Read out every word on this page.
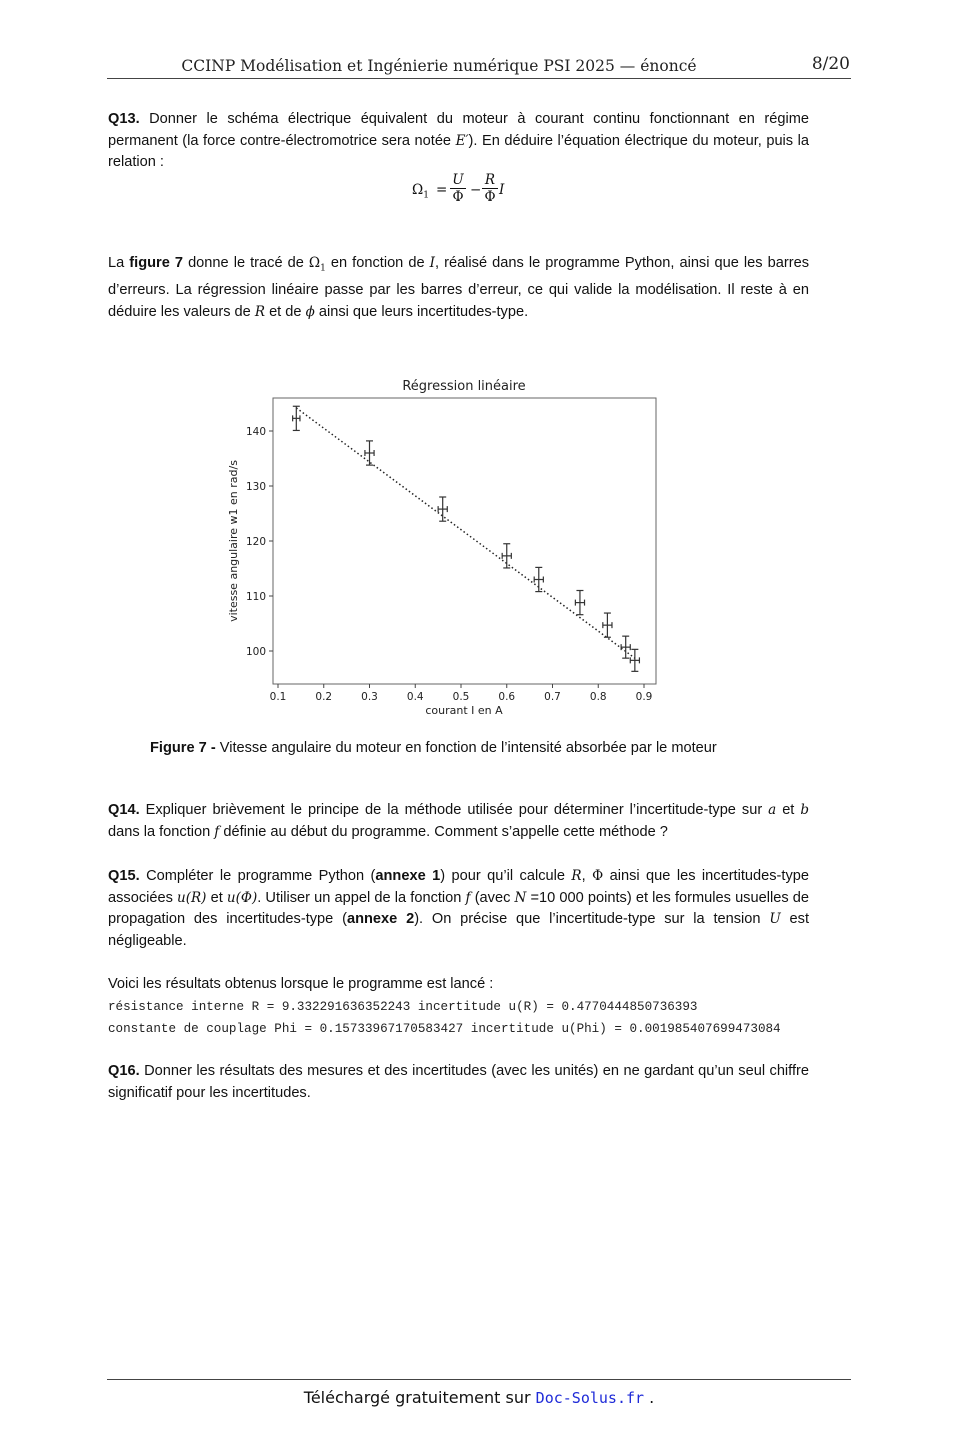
CCINP Modélisation et Ingénierie numérique PSI 2025 — énoncé	8/20
Q13. Donner le schéma électrique équivalent du moteur à courant continu fonctionnant en régime permanent (la force contre-électromotrice sera notée E′). En déduire l’équation électrique du moteur, puis la relation :
$\Omega_1 = \frac{U}{\Phi} - \frac{R}{\Phi}$ I
La figure 7 donne le tracé de $\Omega_1$ en fonction de I, réalisé dans le programme Python, ainsi que les barres d’erreurs. La régression linéaire passe par les barres d’erreur, ce qui valide la modélisation. Il reste à en déduire les valeurs de R et de ϕ ainsi que leurs incertitudes-type.
Régression linéaire
0.1	0.2	0.3	0.4	0.5	0.6	0.7	0.8	0.9
100
110
120
130
140
courant I en A
vitesse angulaire w1 en rad/s
Figure 7 - Vitesse angulaire du moteur en fonction de l’intensité absorbée par le moteur
Q14. Expliquer brièvement le principe de la méthode utilisée pour déterminer l’incertitude-type sur a et b dans la fonction f définie au début du programme. Comment s’appelle cette méthode ?
Q15. Compléter le programme Python (annexe 1) pour qu’il calcule R, Φ ainsi que les incertitudes-type associées u(R) et u(Φ). Utiliser un appel de la fonction f (avec N =10 000 points) et les formules usuelles de propagation des incertitudes-type (annexe 2). On précise que l’incertitude-type sur la tension U est négligeable.
Voici les résultats obtenus lorsque le programme est lancé :
résistance interne R = 9.332291636352243 incertitude u(R) = 0.4770444850736393
constante de couplage Phi = 0.15733967170583427 incertitude u(Phi) = 0.001985407699473084
Q16. Donner les résultats des mesures et des incertitudes (avec les unités) en ne gardant qu’un seul chiffre significatif pour les incertitudes.
Téléchargé gratuitement sur Doc-Solus.fr .
